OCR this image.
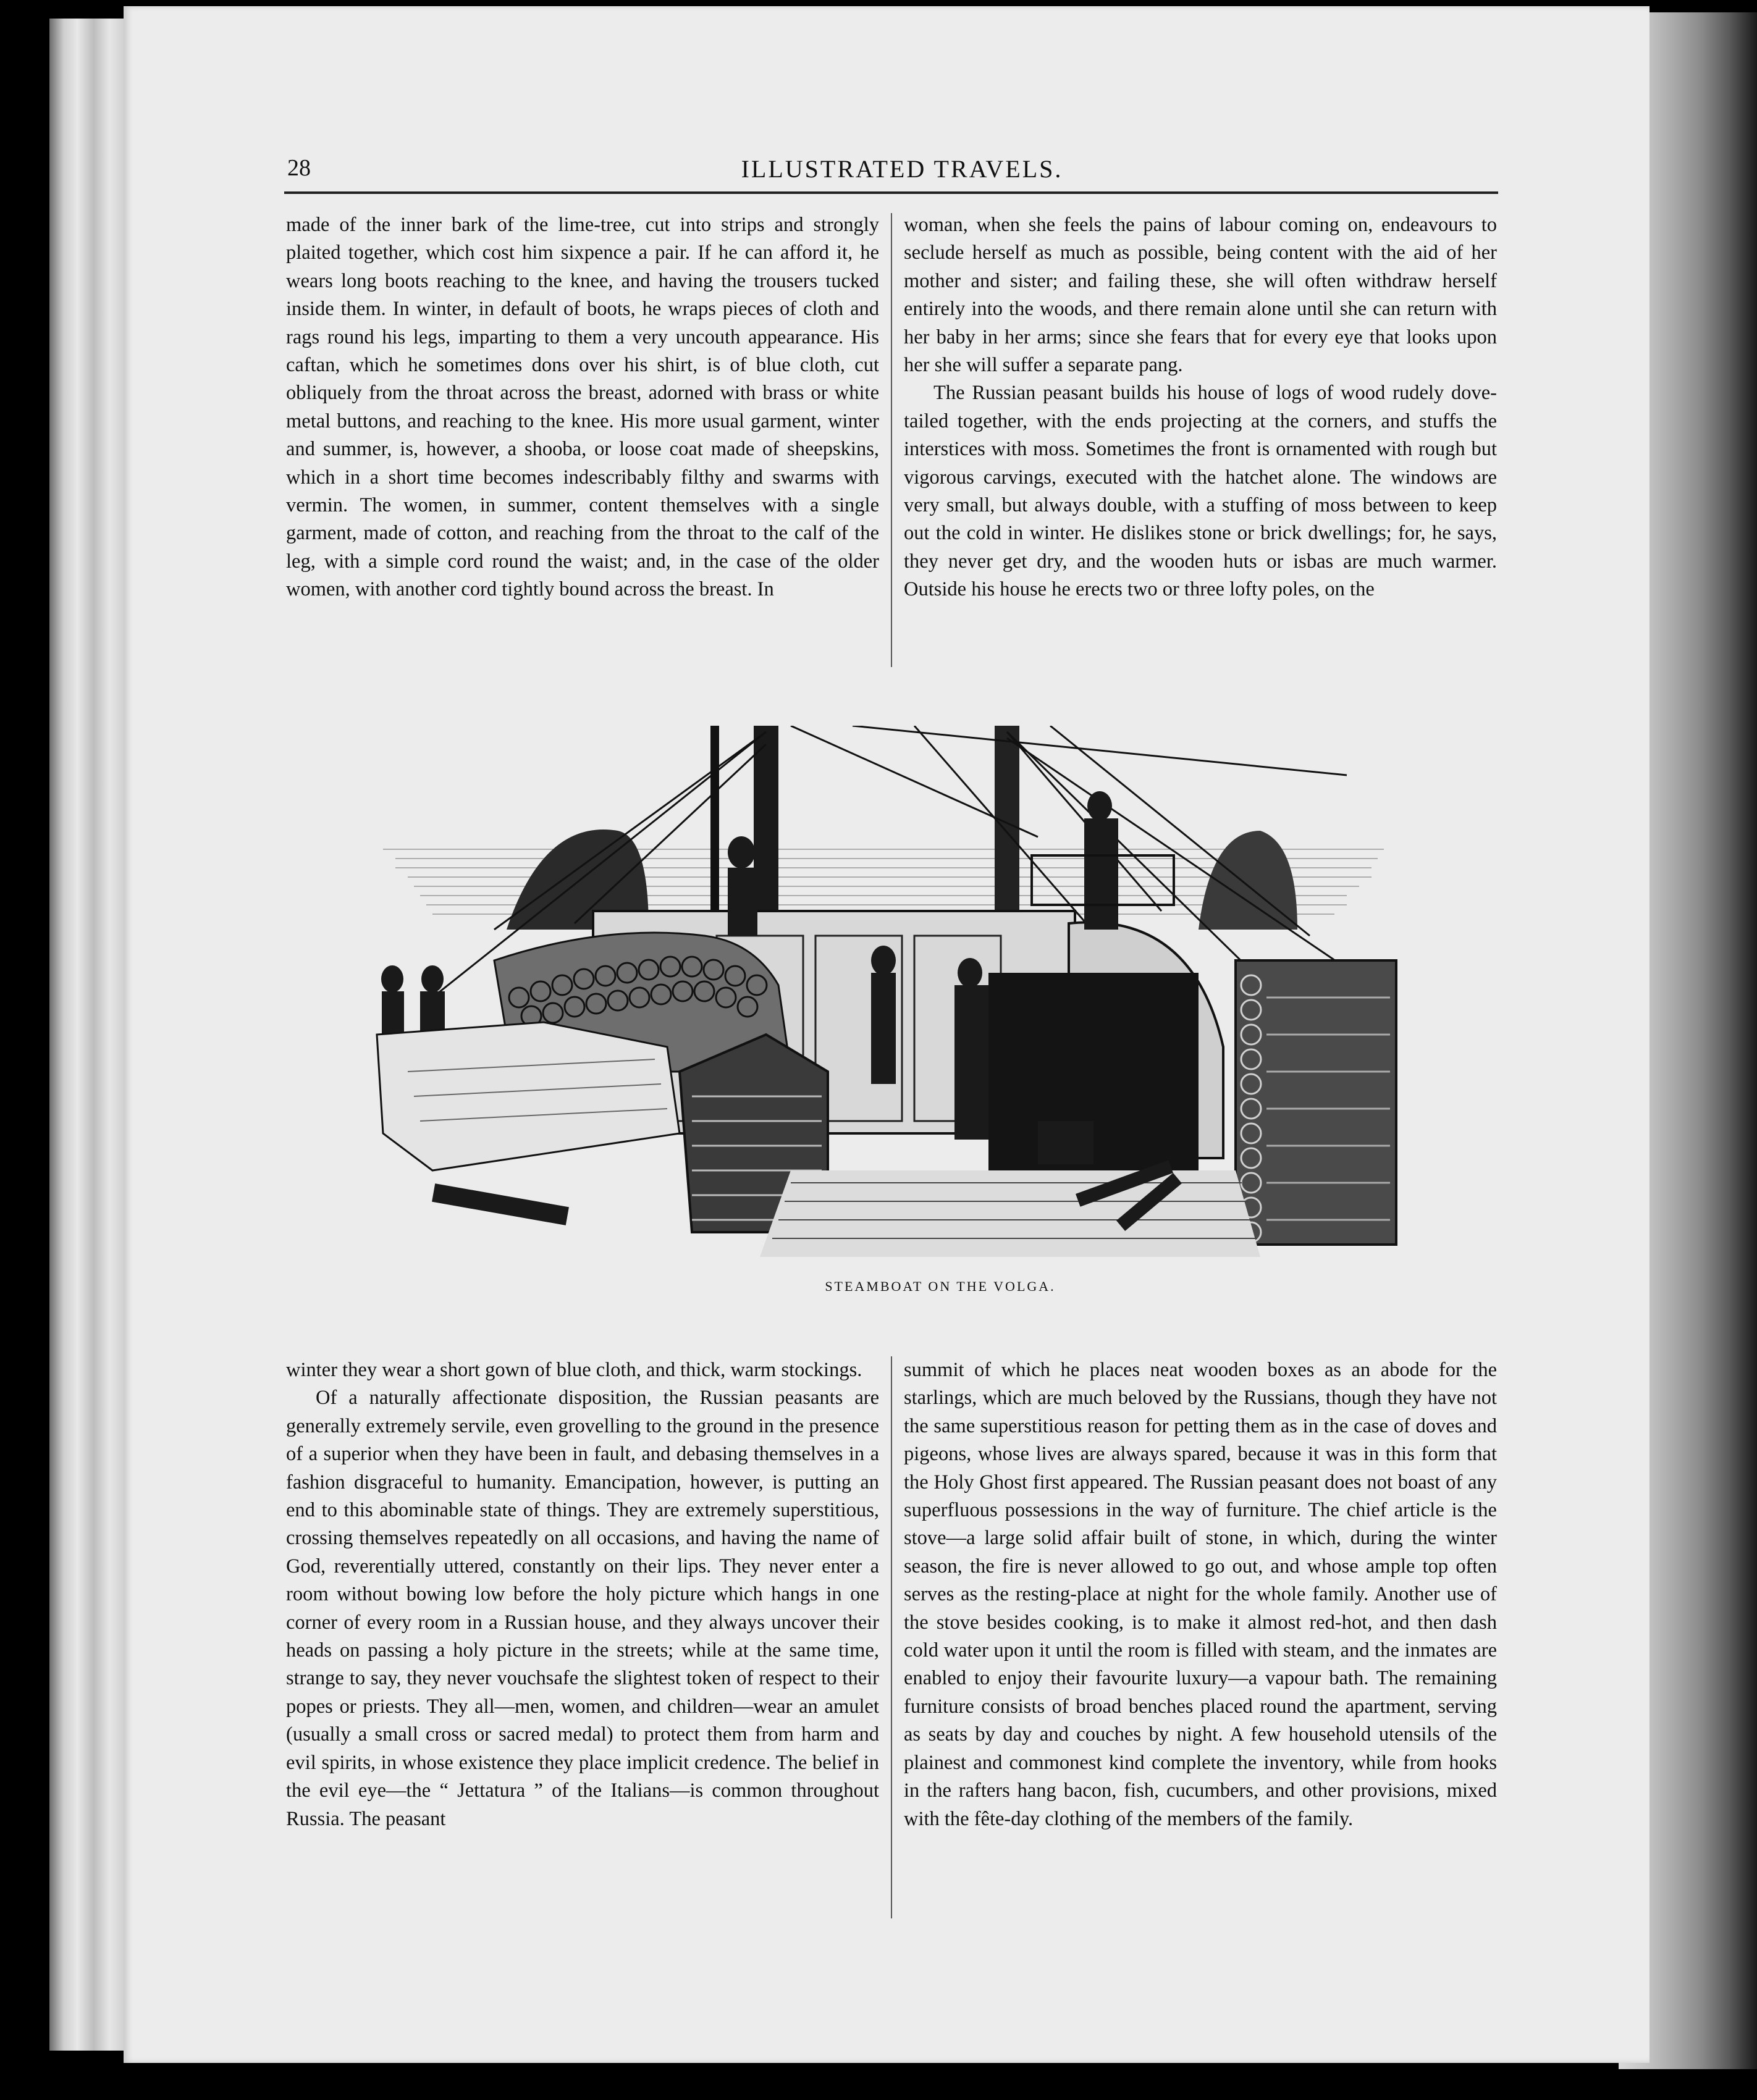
28	ILLUSTRATED TRAVELS.

made of the inner bark of the lime-tree, cut into strips and strongly plaited together, which cost him sixpence a pair. If he can afford it, he wears long boots reaching to the knee, and having the trousers tucked inside them. In winter, in default of boots, he wraps pieces of cloth and rags round his legs, imparting to them a very uncouth appearance. His caftan, which he sometimes dons over his shirt, is of blue cloth, cut obliquely from the throat across the breast, adorned with brass or white metal buttons, and reaching to the knee. His more usual garment, winter and summer, is, however, a shooba, or loose coat made of sheepskins, which in a short time becomes indescribably filthy and swarms with vermin. The women, in summer, content themselves with a single garment, made of cotton, and reaching from the throat to the calf of the leg, with a simple cord round the waist; and, in the case of the older women, with another cord tightly bound across the breast. In

woman, when she feels the pains of labour coming on, endeavours to seclude herself as much as possible, being content with the aid of her mother and sister; and failing these, she will often withdraw herself entirely into the woods, and there remain alone until she can return with her baby in her arms; since she fears that for every eye that looks upon her she will suffer a separate pang.

The Russian peasant builds his house of logs of wood rudely dove-tailed together, with the ends projecting at the corners, and stuffs the interstices with moss. Sometimes the front is ornamented with rough but vigorous carvings, executed with the hatchet alone. The windows are very small, but always double, with a stuffing of moss between to keep out the cold in winter. He dislikes stone or brick dwellings; for, he says, they never get dry, and the wooden huts or isbas are much warmer. Outside his house he erects two or three lofty poles, on the

STEAMBOAT ON THE VOLGA.

winter they wear a short gown of blue cloth, and thick, warm stockings.

Of a naturally affectionate disposition, the Russian peasants are generally extremely servile, even grovelling to the ground in the presence of a superior when they have been in fault, and debasing themselves in a fashion disgraceful to humanity. Emancipation, however, is putting an end to this abominable state of things. They are extremely superstitious, crossing themselves repeatedly on all occasions, and having the name of God, reverentially uttered, constantly on their lips. They never enter a room without bowing low before the holy picture which hangs in one corner of every room in a Russian house, and they always uncover their heads on passing a holy picture in the streets; while at the same time, strange to say, they never vouchsafe the slightest token of respect to their popes or priests. They all—men, women, and children—wear an amulet (usually a small cross or sacred medal) to protect them from harm and evil spirits, in whose existence they place implicit credence. The belief in the evil eye—the “ Jettatura ” of the Italians—is common throughout Russia. The peasant

summit of which he places neat wooden boxes as an abode for the starlings, which are much beloved by the Russians, though they have not the same superstitious reason for petting them as in the case of doves and pigeons, whose lives are always spared, because it was in this form that the Holy Ghost first appeared. The Russian peasant does not boast of any superfluous possessions in the way of furniture. The chief article is the stove—a large solid affair built of stone, in which, during the winter season, the fire is never allowed to go out, and whose ample top often serves as the resting-place at night for the whole family. Another use of the stove besides cooking, is to make it almost red-hot, and then dash cold water upon it until the room is filled with steam, and the inmates are enabled to enjoy their favourite luxury—a vapour bath. The remaining furniture consists of broad benches placed round the apartment, serving as seats by day and couches by night. A few household utensils of the plainest and commonest kind complete the inventory, while from hooks in the rafters hang bacon, fish, cucumbers, and other provisions, mixed with the fête-day clothing of the members of the family.
